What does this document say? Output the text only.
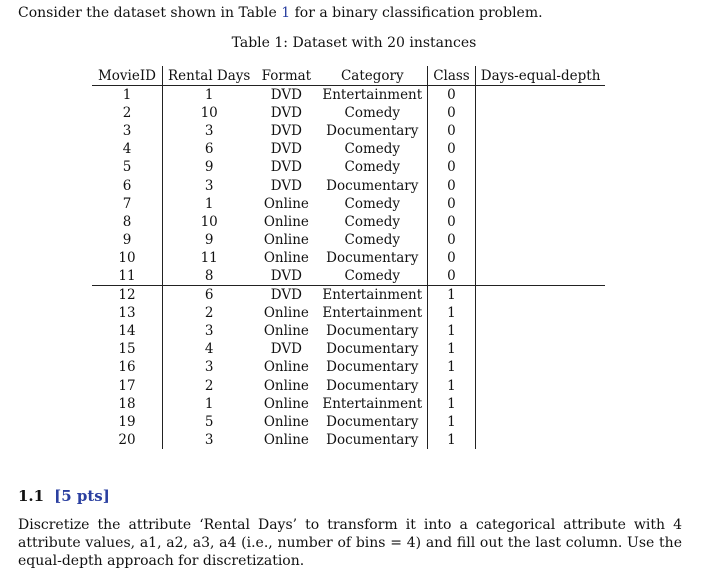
Consider the dataset shown in Table 1 for a binary classification problem.
Table 1: Dataset with 20 instances
MovieID	Rental Days	Format	Category	Class	Days-equal-depth
1	1	DVD	Entertainment	0	
2	10	DVD	Comedy	0	
3	3	DVD	Documentary	0	
4	6	DVD	Comedy	0	
5	9	DVD	Comedy	0	
6	3	DVD	Documentary	0	
7	1	Online	Comedy	0	
8	10	Online	Comedy	0	
9	9	Online	Comedy	0	
10	11	Online	Documentary	0	
11	8	DVD	Comedy	0	
12	6	DVD	Entertainment	1	
13	2	Online	Entertainment	1	
14	3	Online	Documentary	1	
15	4	DVD	Documentary	1	
16	3	Online	Documentary	1	
17	2	Online	Documentary	1	
18	1	Online	Entertainment	1	
19	5	Online	Documentary	1	
20	3	Online	Documentary	1	
1.1 [5 pts]
Discretize the attribute ‘Rental Days’ to transform it into a categorical attribute with 4 attribute values, a1, a2, a3, a4 (i.e., number of bins = 4) and fill out the last column. Use the equal-depth approach for discretization.
